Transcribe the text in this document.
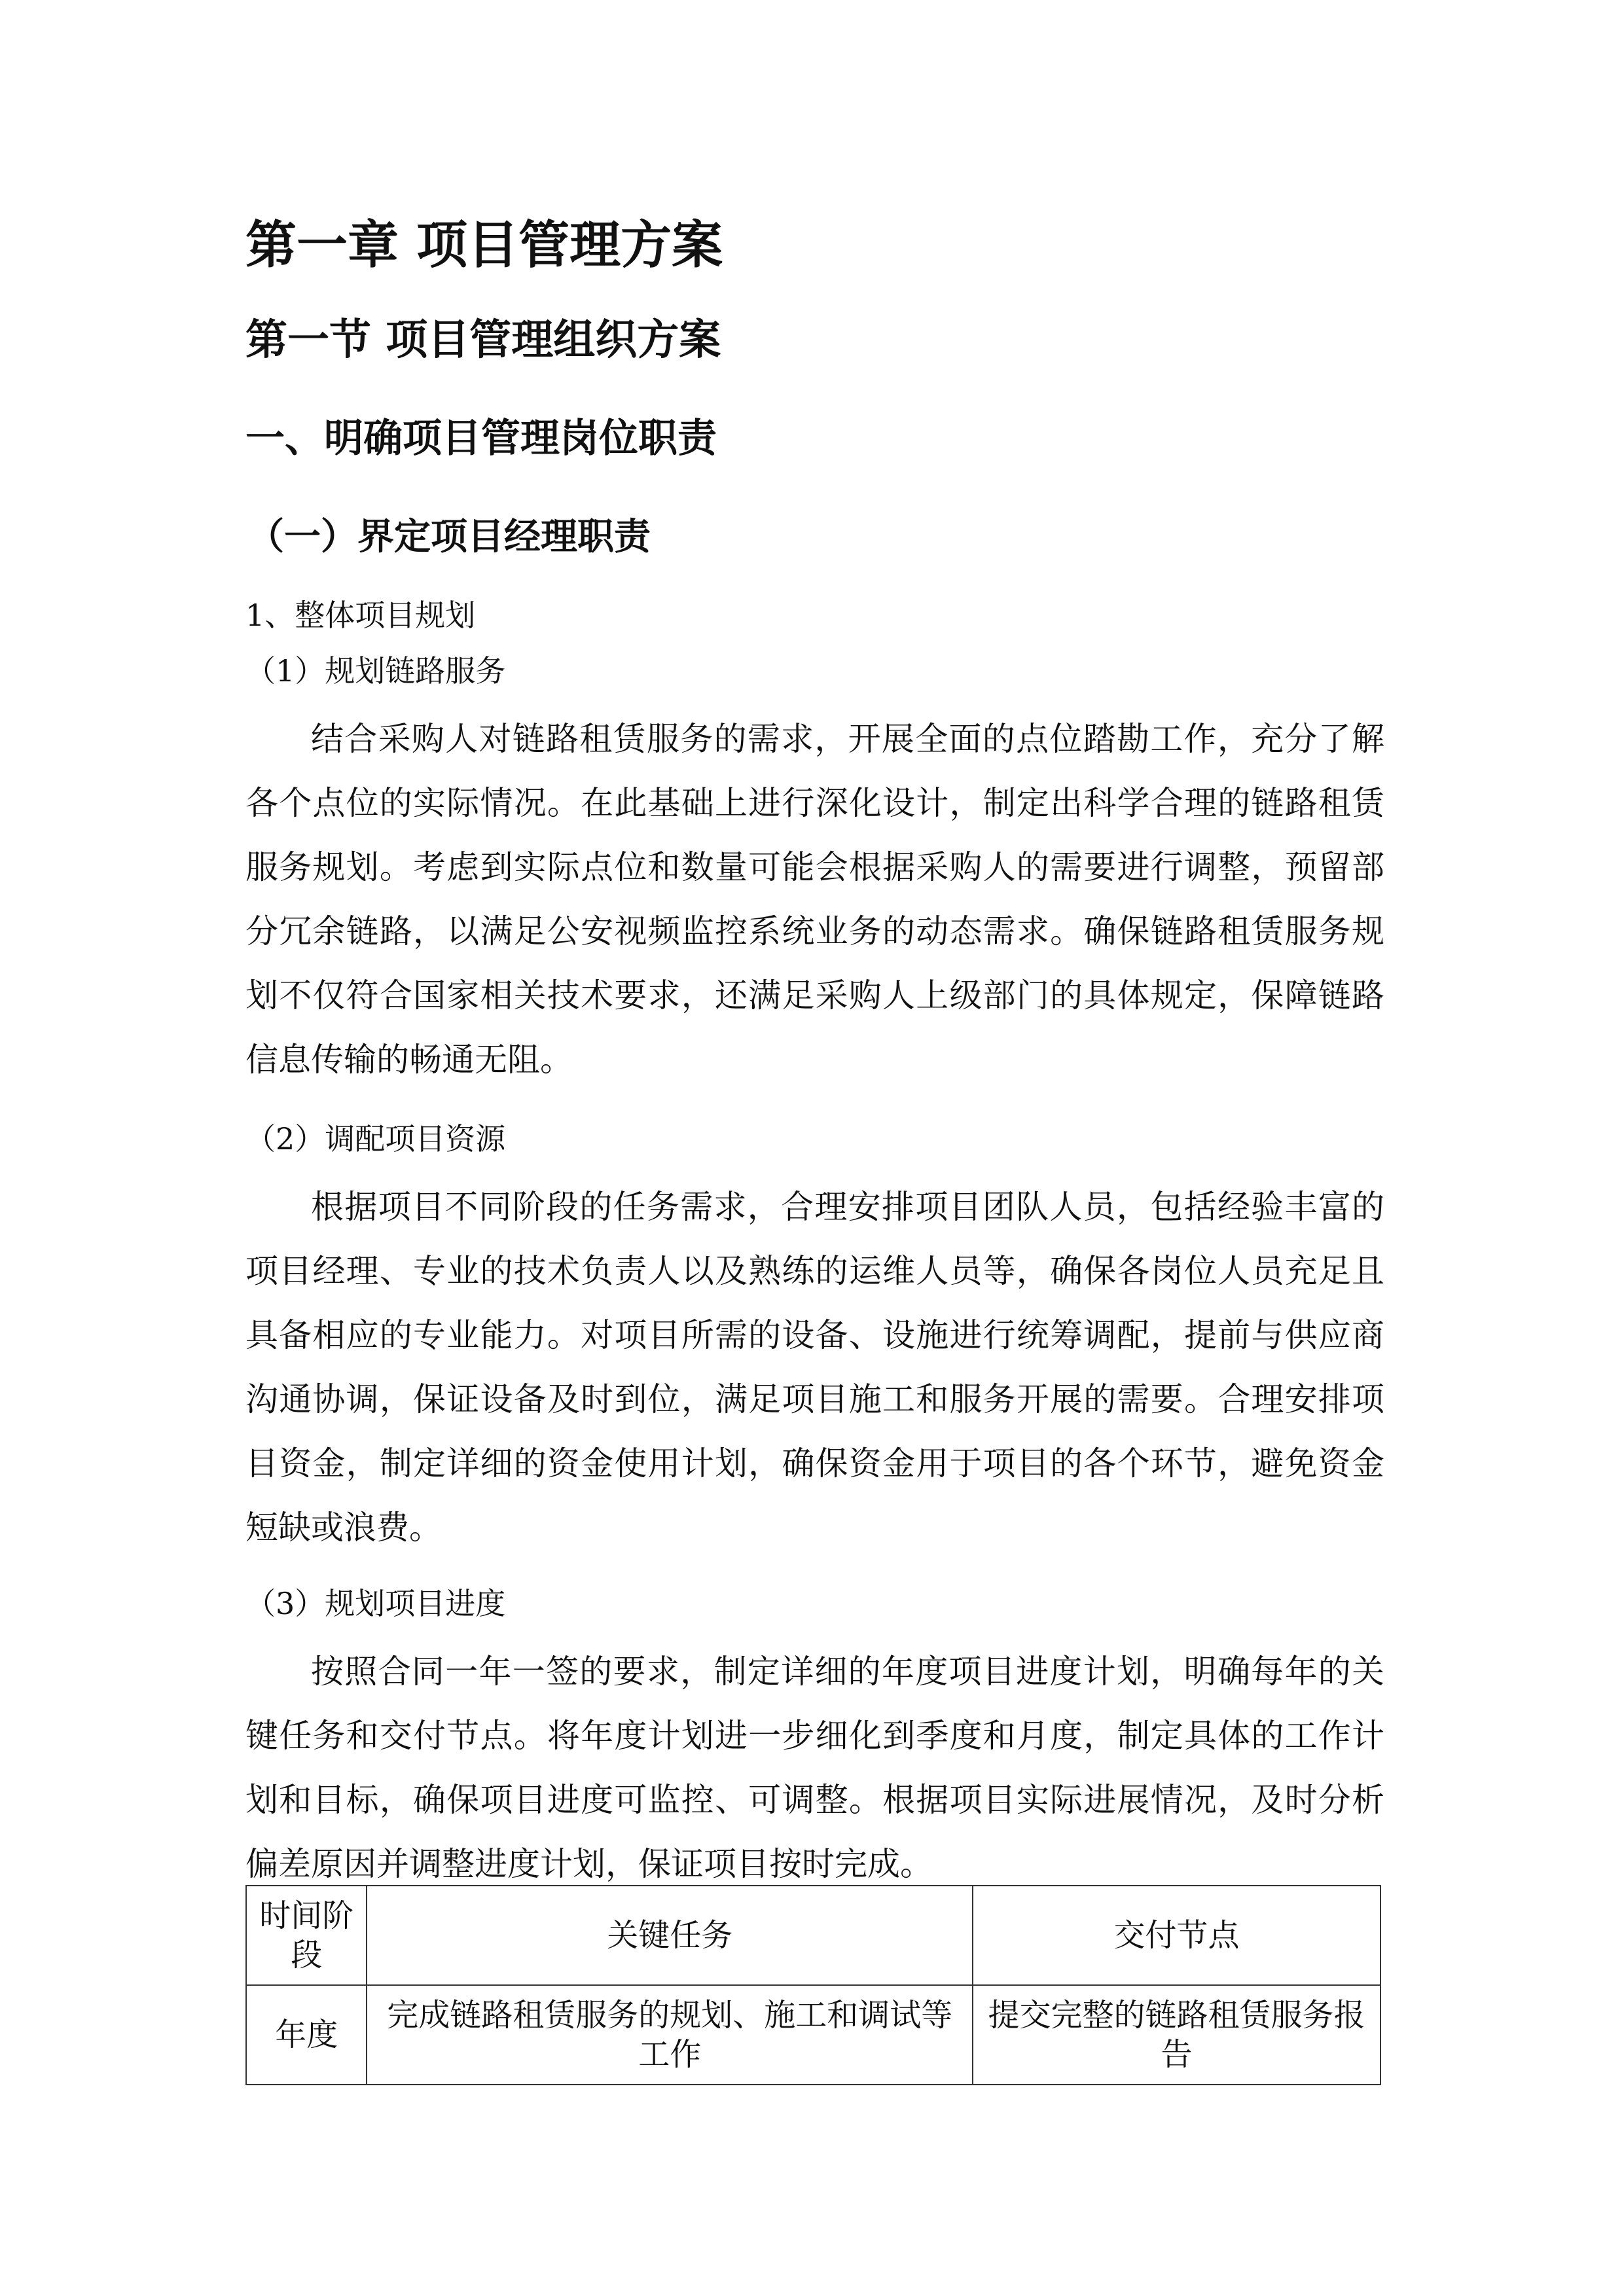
第一章 项目管理方案
第一节 项目管理组织方案
一、明确项目管理岗位职责
（一）界定项目经理职责
1、整体项目规划
（1）规划链路服务

结合采购人对链路租赁服务的需求，开展全面的点位踏勘工作，充分了解各个点位的实际情况。在此基础上进行深化设计，制定出科学合理的链路租赁服务规划。考虑到实际点位和数量可能会根据采购人的需要进行调整，预留部分冗余链路，以满足公安视频监控系统业务的动态需求。确保链路租赁服务规划不仅符合国家相关技术要求，还满足采购人上级部门的具体规定，保障链路信息传输的畅通无阻。

（2）调配项目资源

根据项目不同阶段的任务需求，合理安排项目团队人员，包括经验丰富的项目经理、专业的技术负责人以及熟练的运维人员等，确保各岗位人员充足且具备相应的专业能力。对项目所需的设备、设施进行统筹调配，提前与供应商沟通协调，保证设备及时到位，满足项目施工和服务开展的需要。合理安排项目资金，制定详细的资金使用计划，确保资金用于项目的各个环节，避免资金短缺或浪费。

（3）规划项目进度

按照合同一年一签的要求，制定详细的年度项目进度计划，明确每年的关键任务和交付节点。将年度计划进一步细化到季度和月度，制定具体的工作计划和目标，确保项目进度可监控、可调整。根据项目实际进展情况，及时分析偏差原因并调整进度计划，保证项目按时完成。

时间阶段	关键任务	交付节点
年度	完成链路租赁服务的规划、施工和调试等工作	提交完整的链路租赁服务报告
